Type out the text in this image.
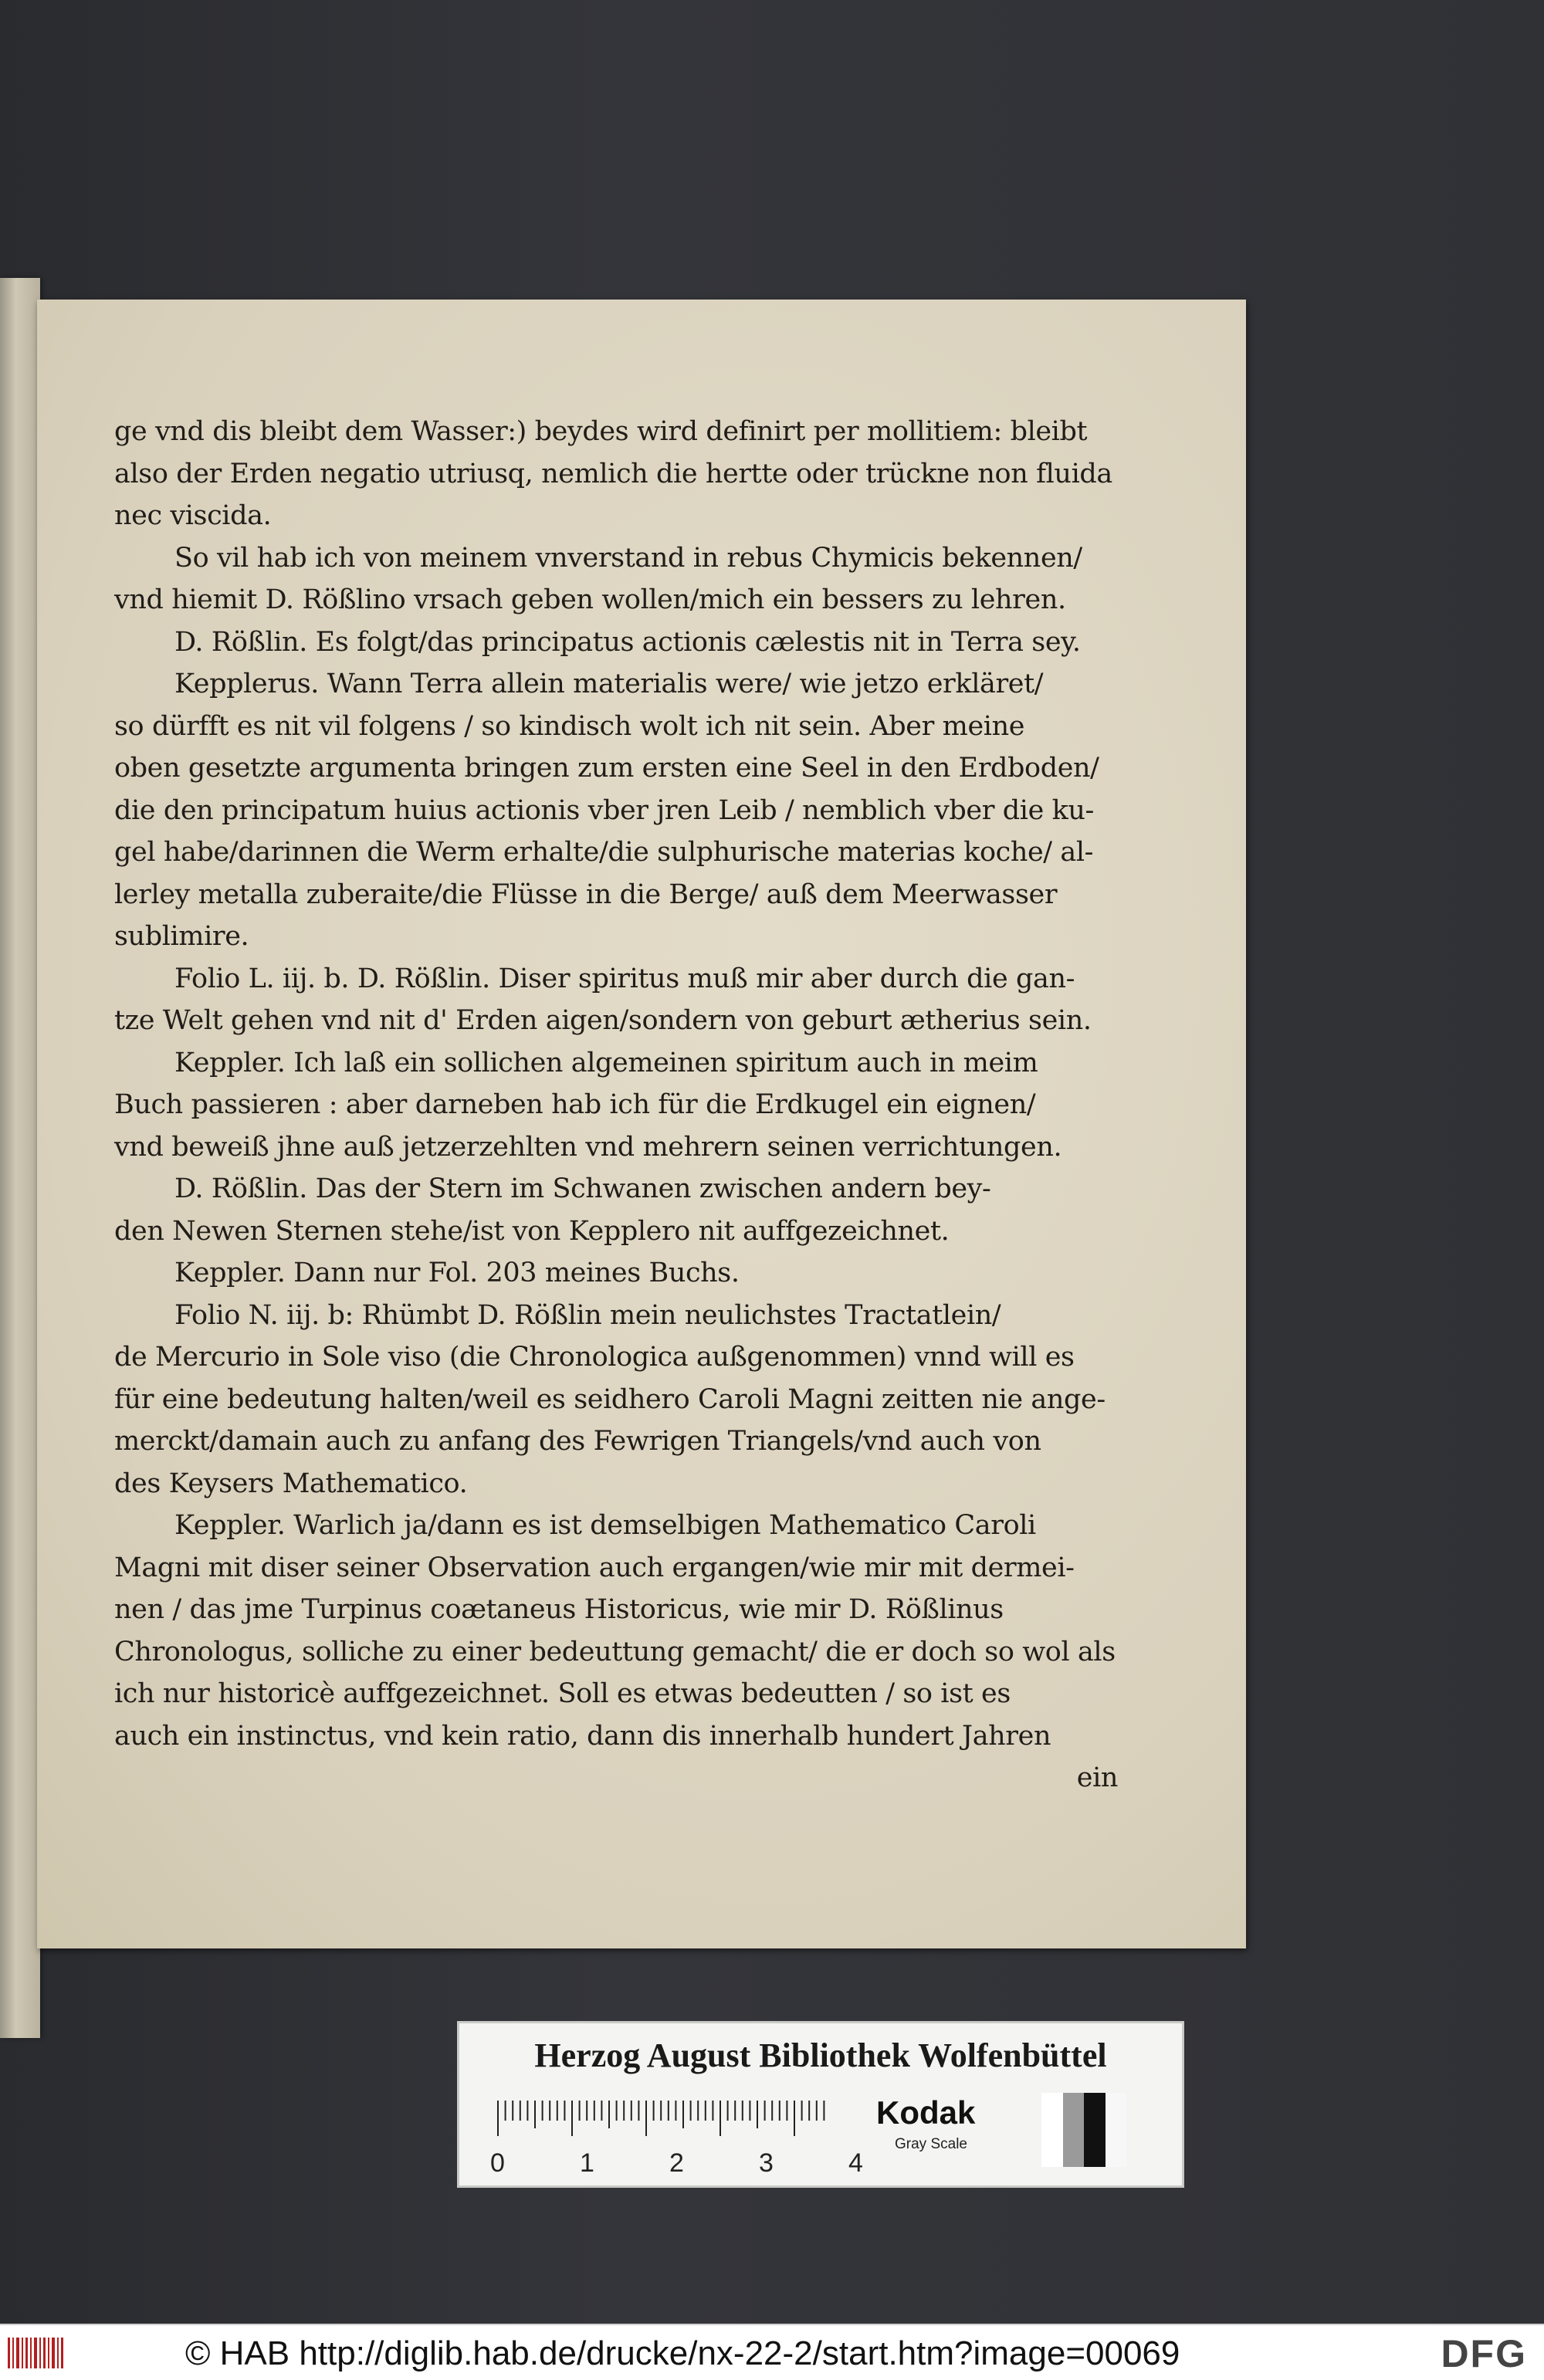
ge vnd dis bleibt dem Wasser:) beydes wird definirt per mollitiem: bleibt
also der Erden negatio utriusq, nemlich die hertte oder trückne non fluida
nec viscida.
So vil hab ich von meinem vnverstand in rebus Chymicis bekennen/
vnd hiemit D. Rößlino vrsach geben wollen/mich ein bessers zu lehren.
D. Rößlin. Es folgt/das principatus actionis cælestis nit in Terra sey.
Kepplerus. Wann Terra allein materialis were/ wie jetzo erkläret/
so dürfft es nit vil folgens / so kindisch wolt ich nit sein. Aber meine
oben gesetzte argumenta bringen zum ersten eine Seel in den Erdboden/
die den principatum huius actionis vber jren Leib / nemblich vber die ku-
gel habe/darinnen die Werm erhalte/die sulphurische materias koche/ al-
lerley metalla zuberaite/die Flüsse in die Berge/ auß dem Meerwasser
sublimire.
Folio L. iij. b. D. Rößlin. Diser spiritus muß mir aber durch die gan-
tze Welt gehen vnd nit d' Erden aigen/sondern von geburt ætherius sein.
Keppler. Ich laß ein sollichen algemeinen spiritum auch in meim
Buch passieren : aber darneben hab ich für die Erdkugel ein eignen/
vnd beweiß jhne auß jetzerzehlten vnd mehrern seinen verrichtungen.
D. Rößlin. Das der Stern im Schwanen zwischen andern bey-
den Newen Sternen stehe/ist von Kepplero nit auffgezeichnet.
Keppler. Dann nur Fol. 203 meines Buchs.
Folio N. iij. b: Rhümbt D. Rößlin mein neulichstes Tractatlein/
de Mercurio in Sole viso (die Chronologica außgenommen) vnnd will es
für eine bedeutung halten/weil es seidhero Caroli Magni zeitten nie ange-
merckt/damain auch zu anfang des Fewrigen Triangels/vnd auch von
des Keysers Mathematico.
Keppler. Warlich ja/dann es ist demselbigen Mathematico Caroli
Magni mit diser seiner Observation auch ergangen/wie mir mit dermei-
nen / das jme Turpinus coætaneus Historicus, wie mir D. Rößlinus
Chronologus, solliche zu einer bedeuttung gemacht/ die er doch so wol als
ich nur historicè auffgezeichnet. Soll es etwas bedeutten / so ist es
auch ein instinctus, vnd kein ratio, dann dis innerhalb hundert Jahren
ein
Herzog August Bibliothek Wolfenbüttel
0	1	2	3	4
Kodak
Gray Scale
© HAB http://diglib.hab.de/drucke/nx-22-2/start.htm?image=00069	DFG
